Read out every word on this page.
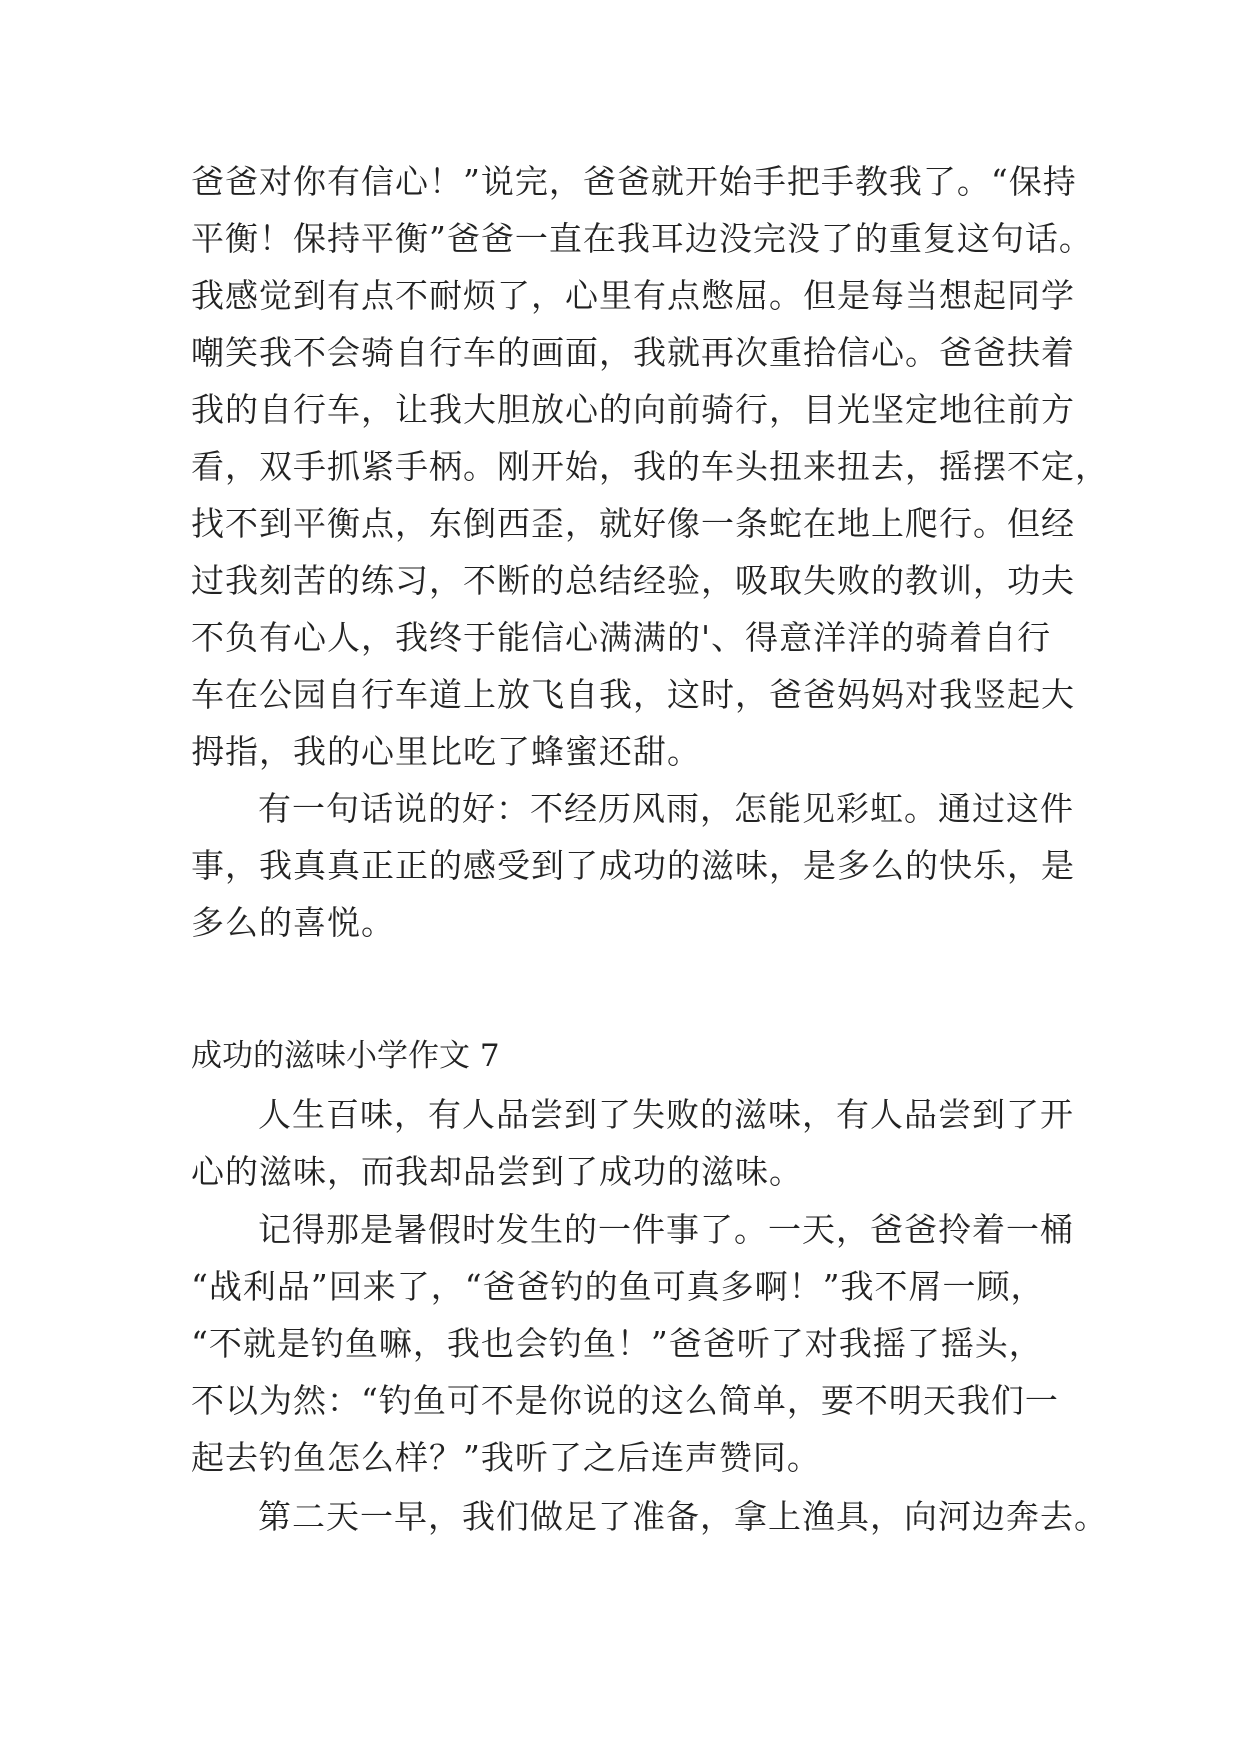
爸爸对你有信心！”说完，爸爸就开始手把手教我了。“保持
平衡！保持平衡”爸爸一直在我耳边没完没了的重复这句话。
我感觉到有点不耐烦了，心里有点憋屈。但是每当想起同学
嘲笑我不会骑自行车的画面，我就再次重拾信心。爸爸扶着
我的自行车，让我大胆放心的向前骑行，目光坚定地往前方
看，双手抓紧手柄。刚开始，我的车头扭来扭去，摇摆不定，
找不到平衡点，东倒西歪，就好像一条蛇在地上爬行。但经
过我刻苦的练习，不断的总结经验，吸取失败的教训，功夫
不负有心人，我终于能信心满满的'、得意洋洋的骑着自行
车在公园自行车道上放飞自我，这时，爸爸妈妈对我竖起大
拇指，我的心里比吃了蜂蜜还甜。
有一句话说的好：不经历风雨，怎能见彩虹。通过这件
事，我真真正正的感受到了成功的滋味，是多么的快乐，是
多么的喜悦。
成功的滋味小学作文 7
人生百味，有人品尝到了失败的滋味，有人品尝到了开
心的滋味，而我却品尝到了成功的滋味。
记得那是暑假时发生的一件事了。一天，爸爸拎着一桶
“战利品”回来了，“爸爸钓的鱼可真多啊！”我不屑一顾，
“不就是钓鱼嘛，我也会钓鱼！”爸爸听了对我摇了摇头，
不以为然：“钓鱼可不是你说的这么简单，要不明天我们一
起去钓鱼怎么样？”我听了之后连声赞同。
第二天一早，我们做足了准备，拿上渔具，向河边奔去。
